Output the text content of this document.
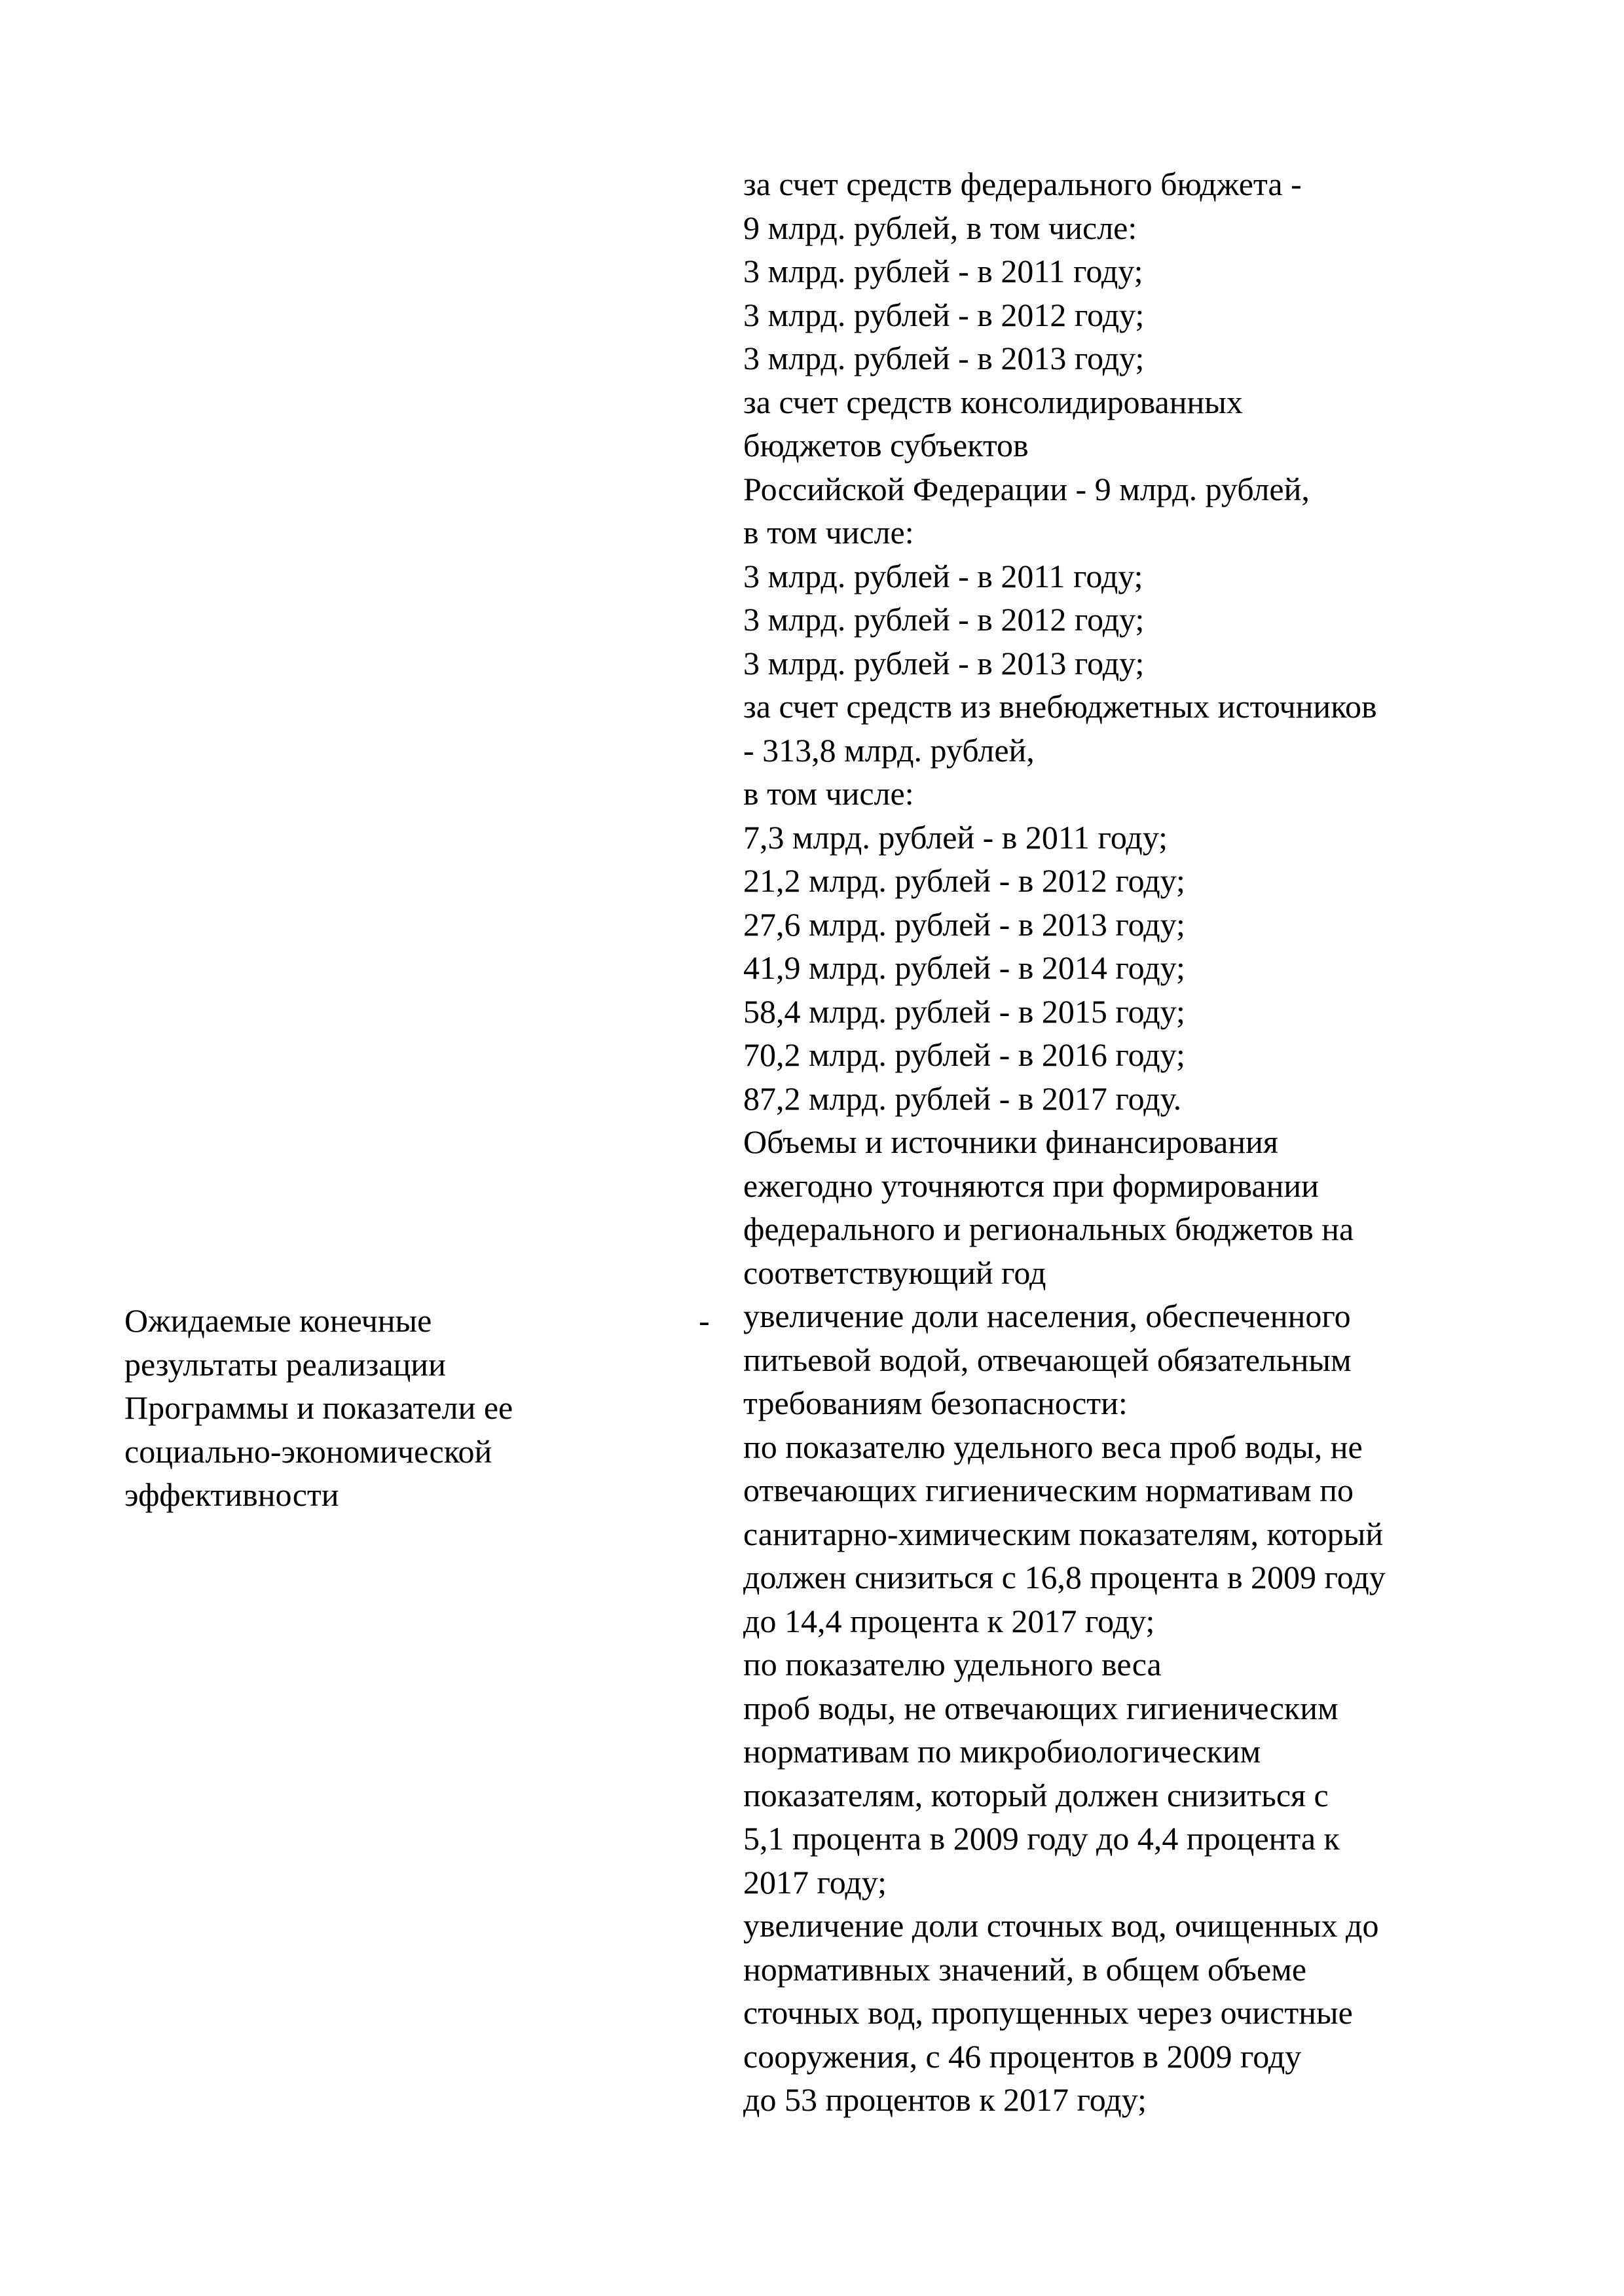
за счет средств федерального бюджета -
9 млрд. рублей, в том числе:
3 млрд. рублей - в 2011 году;
3 млрд. рублей - в 2012 году;
3 млрд. рублей - в 2013 году;
за счет средств консолидированных
бюджетов субъектов
Российской Федерации - 9 млрд. рублей,
в том числе:
3 млрд. рублей - в 2011 году;
3 млрд. рублей - в 2012 году;
3 млрд. рублей - в 2013 году;
за счет средств из внебюджетных источников
- 313,8 млрд. рублей,
в том числе:
7,3 млрд. рублей - в 2011 году;
21,2 млрд. рублей - в 2012 году;
27,6 млрд. рублей - в 2013 году;
41,9 млрд. рублей - в 2014 году;
58,4 млрд. рублей - в 2015 году;
70,2 млрд. рублей - в 2016 году;
87,2 млрд. рублей - в 2017 году.
Объемы и источники финансирования
ежегодно уточняются при формировании
федерального и региональных бюджетов на
соответствующий год
увеличение доли населения, обеспеченного
питьевой водой, отвечающей обязательным
требованиям безопасности:
по показателю удельного веса проб воды, не
отвечающих гигиеническим нормативам по
санитарно-химическим показателям, который
должен снизиться с 16,8 процента в 2009 году
до 14,4 процента к 2017 году;
по показателю удельного веса
проб воды, не отвечающих гигиеническим
нормативам по микробиологическим
показателям, который должен снизиться с
5,1 процента в 2009 году до 4,4 процента к
2017 году;
увеличение доли сточных вод, очищенных до
нормативных значений, в общем объеме
сточных вод, пропущенных через очистные
сооружения, с 46 процентов в 2009 году
до 53 процентов к 2017 году;
-
Ожидаемые конечные
результаты реализации
Программы и показатели ее
социально-экономической
эффективности
